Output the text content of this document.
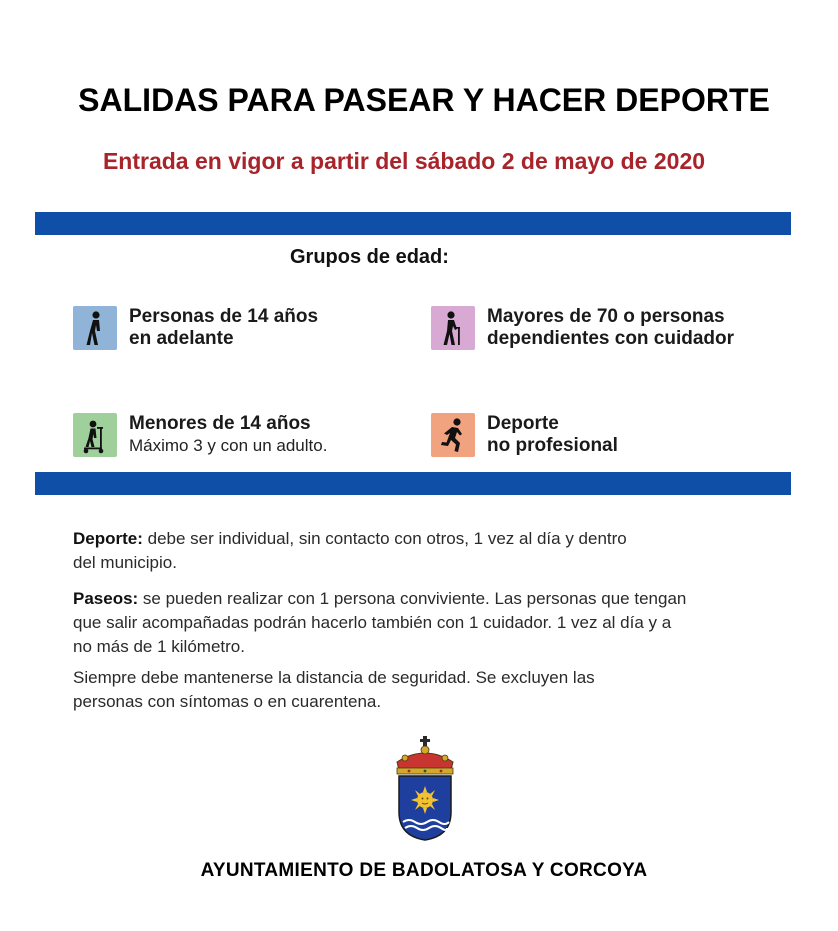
SALIDAS PARA PASEAR Y HACER DEPORTE
Entrada en vigor a partir del sábado 2 de mayo de 2020
Grupos de edad:
Personas de 14 años
en adelante
Mayores de 70 o personas
dependientes con cuidador
Menores de 14 años
Máximo 3 y con un adulto.
Deporte
no profesional
Deporte: debe ser individual, sin contacto con otros, 1 vez al día y dentro
del municipio.
Paseos: se pueden realizar con 1 persona conviviente. Las personas que tengan
que salir acompañadas podrán hacerlo también con 1 cuidador. 1 vez al día y a
no más de 1 kilómetro.
Siempre debe mantenerse la distancia de seguridad. Se excluyen las
personas con síntomas o en cuarentena.
AYUNTAMIENTO DE BADOLATOSA Y CORCOYA
